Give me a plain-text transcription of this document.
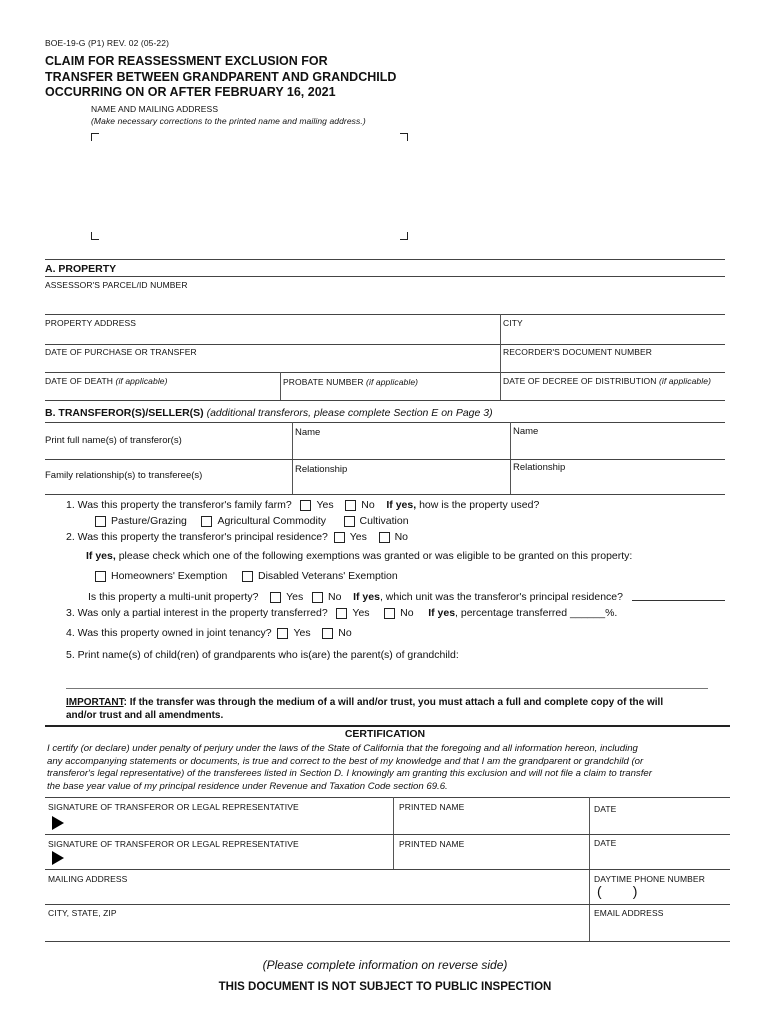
BOE-19-G (P1) REV. 02 (05-22)
CLAIM FOR REASSESSMENT EXCLUSION FOR
TRANSFER BETWEEN GRANDPARENT AND GRANDCHILD
OCCURRING ON OR AFTER FEBRUARY 16, 2021
NAME AND MAILING ADDRESS
(Make necessary corrections to the printed name and mailing address.)
A. PROPERTY
ASSESSOR'S PARCEL/ID NUMBER
PROPERTY ADDRESS	CITY
DATE OF PURCHASE OR TRANSFER	RECORDER'S DOCUMENT NUMBER
DATE OF DEATH (if applicable)	PROBATE NUMBER (if applicable)	DATE OF DECREE OF DISTRIBUTION (if applicable)
B. TRANSFEROR(S)/SELLER(S) (additional transferors, please complete Section E on Page 3)
Print full name(s) of transferor(s)
Name	Name
Family relationship(s) to transferee(s)
Relationship	Relationship
1. Was this property the transferor's family farm? Yes	No If yes, how is the property used?
Pasture/Grazing	Agricultural Commodity	Cultivation
2. Was this property the transferor's principal residence? Yes	No
If yes, please check which one of the following exemptions was granted or was eligible to be granted on this property:
Homeowners' Exemption	Disabled Veterans' Exemption
Is this property a multi-unit property?	Yes No If yes, which unit was the transferor's principal residence?
3. Was only a partial interest in the property transferred? Yes	No If yes, percentage transferred ______%.
4. Was this property owned in joint tenancy? Yes	No
5. Print name(s) of child(ren) of grandparents who is(are) the parent(s) of grandchild:
IMPORTANT: If the transfer was through the medium of a will and/or trust, you must attach a full and complete copy of the will
and/or trust and all amendments.
CERTIFICATION
I certify (or declare) under penalty of perjury under the laws of the State of California that the foregoing and all information hereon, including
any accompanying statements or documents, is true and correct to the best of my knowledge and that I am the grandparent or grandchild (or
transferor's legal representative) of the transferees listed in Section D. I knowingly am granting this exclusion and will not file a claim to transfer
the base year value of my principal residence under Revenue and Taxation Code section 69.6.
SIGNATURE OF TRANSFEROR OR LEGAL REPRESENTATIVE	PRINTED NAME	DATE
SIGNATURE OF TRANSFEROR OR LEGAL REPRESENTATIVE	PRINTED NAME	DATE
MAILING ADDRESS	DAYTIME PHONE NUMBER
(        )
CITY, STATE, ZIP	EMAIL ADDRESS
(Please complete information on reverse side)
THIS DOCUMENT IS NOT SUBJECT TO PUBLIC INSPECTION
